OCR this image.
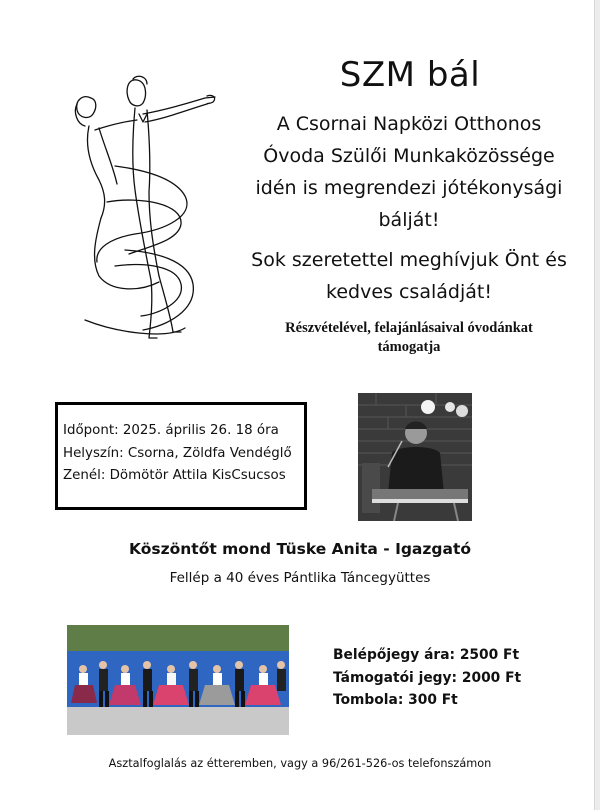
SZM bál
A Csornai Napközi Otthonos
Óvoda Szülői Munkaközössége
idén is megrendezi jótékonysági
bálját!
Sok szeretettel meghívjuk Önt és
kedves családját!
Részvételével, felajánlásaival óvodánkat
támogatja
Időpont: 2025. április 26. 18 óra
Helyszín: Csorna, Zöldfa Vendéglő
Zenél: Dömötör Attila KisCsucsos
Köszöntőt mond Tüske Anita - Igazgató
Fellép a 40 éves Pántlika Táncegyüttes
Belépőjegy ára: 2500 Ft
Támogatói jegy: 2000 Ft
Tombola: 300 Ft
Asztalfoglalás az étteremben, vagy a 96/261-526-os telefonszámon
